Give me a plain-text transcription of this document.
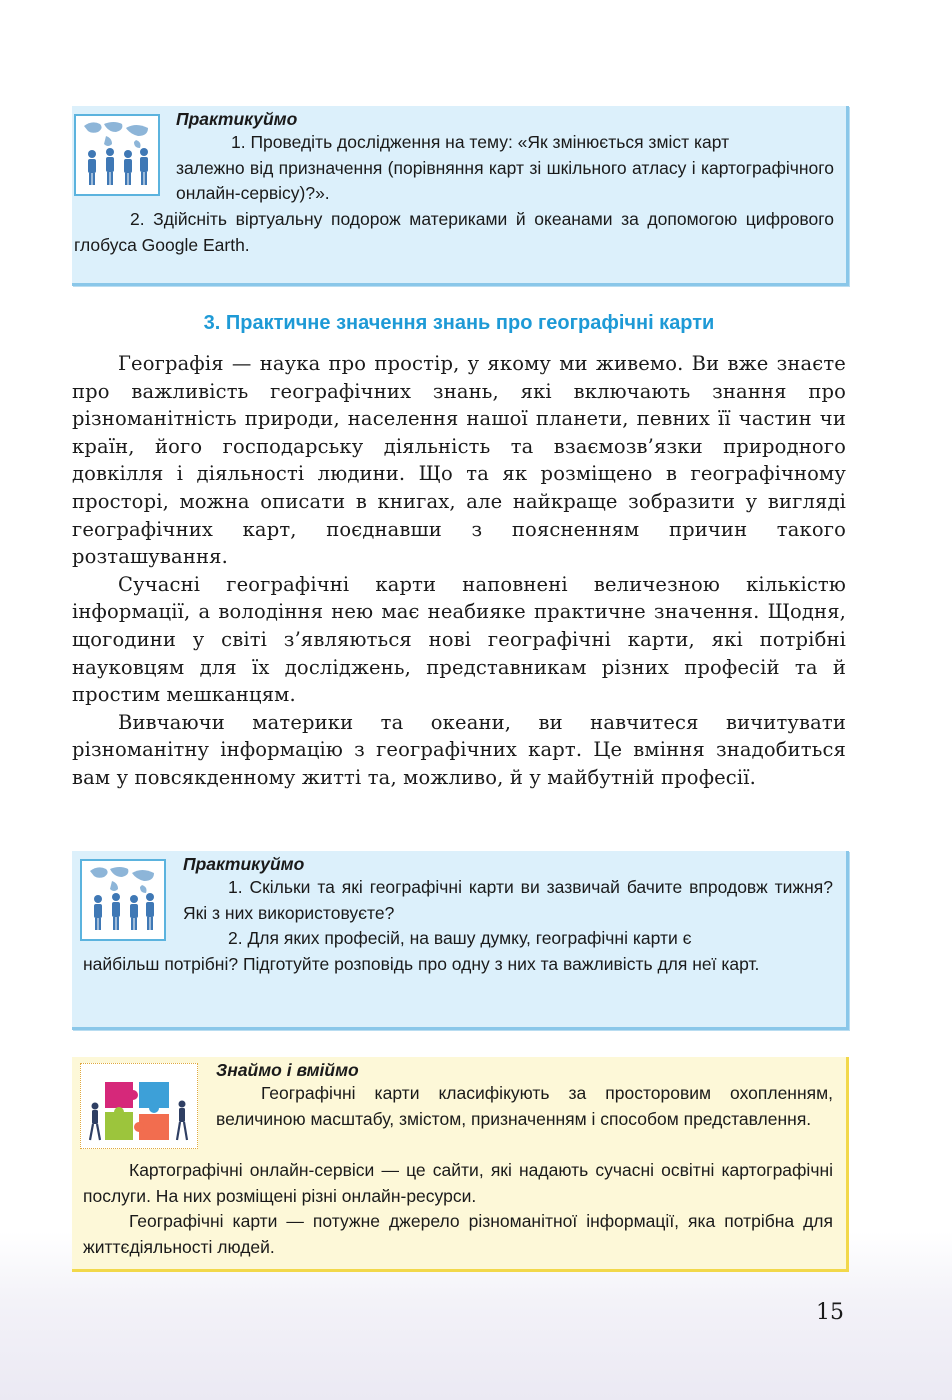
Практикуймо
1. Проведіть дослідження на тему: «Як змінюється зміст карт
залежно від призначення (порівняння карт зі шкільного атласу і картографічного онлайн-сервісу)?».
2. Здійсніть віртуальну подорож материками й океанами за допомогою цифрового глобуса Google Earth.
3. Практичне значення знань про географічні карти

Географія — наука про простір, у якому ми живемо. Ви вже знаєте про важливість географічних знань, які включають знання про різноманітність природи, населення нашої планети, певних її частин чи країн, його господарську діяльність та взаємозв’язки природного довкілля і діяльності людини. Що та як розміщено в географічному просторі, можна описати в книгах, але найкраще зобразити у вигляді географічних карт, поєднавши з поясненням причин такого розташування.

Сучасні географічні карти наповнені величезною кількістю інформації, а володіння нею має неабияке практичне значення. Щодня, щогодини у світі з’являються нові географічні карти, які потрібні науковцям для їх досліджень, представникам різних професій та й простим мешканцям.

Вивчаючи материки та океани, ви навчитеся вичитувати різноманітну інформацію з географічних карт. Це вміння знадобиться вам у повсякденному житті та, можливо, й у майбутній професії.

Практикуймо
1. Скільки та які географічні карти ви зазвичай бачите впродовж тижня? Які з них використовуєте?
2. Для яких професій, на вашу думку, географічні карти є
найбільш потрібні? Підготуйте розповідь про одну з них та важливість для неї карт.
Знаймо і вміймо
Географічні карти класифікують за просторовим охопленням, величиною масштабу, змістом, призначенням і способом представлення.
Картографічні онлайн-сервіси — це сайти, які надають сучасні освітні картографічні послуги. На них розміщені різні онлайн-ресурси.
Географічні карти — потужне джерело різноманітної інформації, яка потрібна для життєдіяльності людей.
15
